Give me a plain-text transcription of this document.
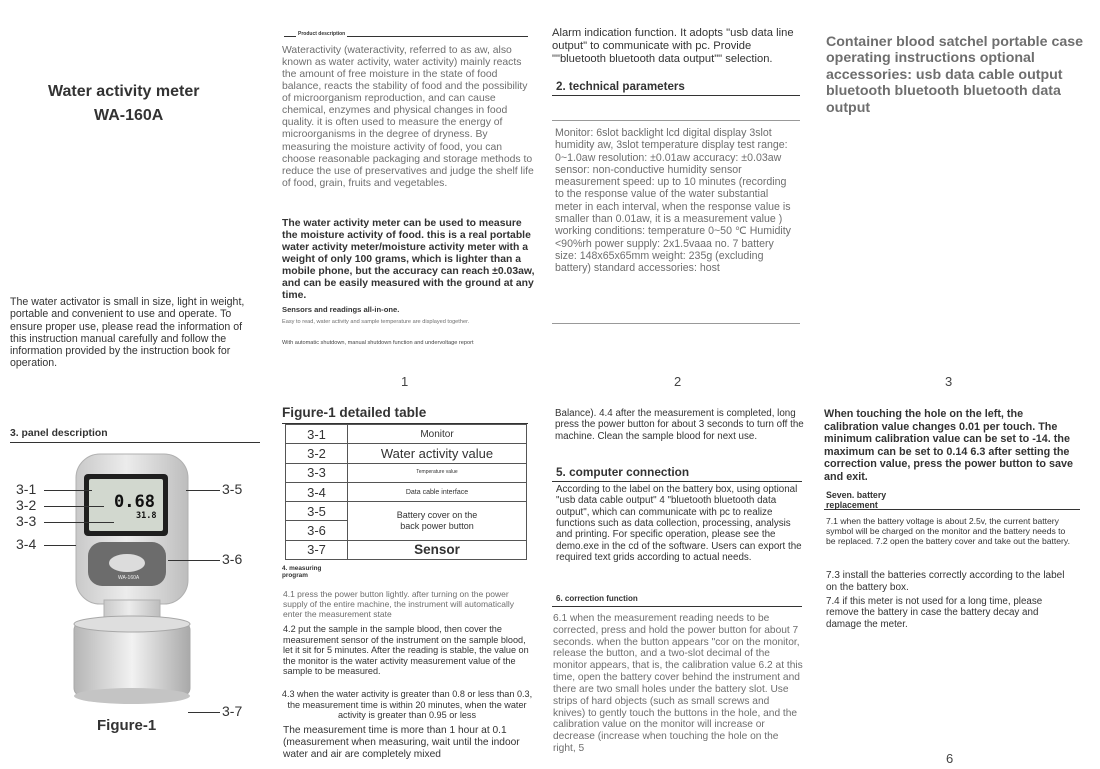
Water activity meter
WA-160A
The water activator is small in size, light in weight, portable and convenient to use and operate. To ensure proper use, please read the information of this instruction manual carefully and follow the information provided by the instruction book for operation.
Product description
Wateractivity (wateractivity, referred to as aw, also known as water activity, water activity) mainly reacts the amount of free moisture in the state of food balance, reacts the stability of food and the possibility of microorganism reproduction, and can cause chemical, enzymes and physical changes in food quality. it is often used to measure the energy of microorganisms in the degree of dryness. By measuring the moisture activity of food, you can choose reasonable packaging and storage methods to reduce the use of preservatives and judge the shelf life of food, grain, fruits and vegetables.
The water activity meter can be used to measure the moisture activity of food. this is a real portable water activity meter/moisture activity meter with a weight of only 100 grams, which is lighter than a mobile phone, but the accuracy can reach ±0.03aw, and can be easily measured with the ground at any time.
Sensors and readings all-in-one.
Easy to read, water activity and sample temperature are displayed together.
With automatic shutdown, manual shutdown function and undervoltage report
1
Alarm indication function. It adopts "usb data line output" to communicate with pc. Provide ""bluetooth bluetooth data output"" selection.
2. technical parameters
Monitor: 6slot backlight lcd digital display 3slot humidity aw, 3slot temperature display test range: 0~1.0aw resolution: ±0.01aw accuracy: ±0.03aw sensor: non-conductive humidity sensor measurement speed: up to 10 minutes (recording to the response value of the water substantial meter in each interval, when the response value is smaller than 0.01aw, it is a measurement value ) working conditions: temperature 0~50 ℃ Humidity <90%rh power supply: 2x1.5vaaa no. 7 battery size: 148x65x65mm weight: 235g (excluding battery) standard accessories: host
2
Container blood satchel portable case operating instructions optional accessories: usb data cable output bluetooth bluetooth bluetooth data output
3
3. panel description
0.68
31.8
WA-160A
3-1
3-2
3-3
3-4
3-5
3-6
3-7
Figure-1
Figure-1 detailed table
3-1	Monitor
3-2	Water activity value
3-3	Temperature value
3-4	Data cable interface
3-5	Battery cover on the back power button
3-6	
3-7	Sensor
4. measuring program
4.1 press the power button lightly. after turning on the power supply of the entire machine, the instrument will automatically enter the measurement state
4.2 put the sample in the sample blood, then cover the measurement sensor of the instrument on the sample blood, let it sit for 5 minutes. After the reading is stable, the value on the monitor is the water activity measurement value of the sample to be measured.
4.3 when the water activity is greater than 0.8 or less than 0.3, the measurement time is within 20 minutes, when the water activity is greater than 0.95 or less
The measurement time is more than 1 hour at 0.1 (measurement when measuring, wait until the indoor water and air are completely mixed
Balance). 4.4 after the measurement is completed, long press the power button for about 3 seconds to turn off the machine. Clean the sample blood for next use.
5. computer connection
According to the label on the battery box, using optional "usb data cable output" 4 "bluetooth bluetooth data output", which can communicate with pc to realize functions such as data collection, processing, analysis and printing. For specific operation, please see the demo.exe in the cd of the software. Users can export the required text grids according to actual needs.
6. correction function
6.1 when the measurement reading needs to be corrected, press and hold the power button for about 7 seconds. when the button appears "cor on the monitor, release the button, and a two-slot decimal of the monitor appears, that is, the calibration value 6.2 at this time, open the battery cover behind the instrument and there are two small holes under the battery slot. Use strips of hard objects (such as small screws and knives) to gently touch the buttons in the hole, and the calibration value on the monitor will increase or decrease (increase when touching the hole on the right, 5
When touching the hole on the left, the calibration value changes 0.01 per touch. The minimum calibration value can be set to -14. the maximum can be set to 0.14 6.3 after setting the correction value, press the power button to save and exit.
Seven. battery replacement
7.1 when the battery voltage is about 2.5v, the current battery symbol will be charged on the monitor and the battery needs to be replaced. 7.2 open the battery cover and take out the battery.
7.3 install the batteries correctly according to the label on the battery box.
7.4 if this meter is not used for a long time, please remove the battery in case the battery decay and damage the meter.
6
